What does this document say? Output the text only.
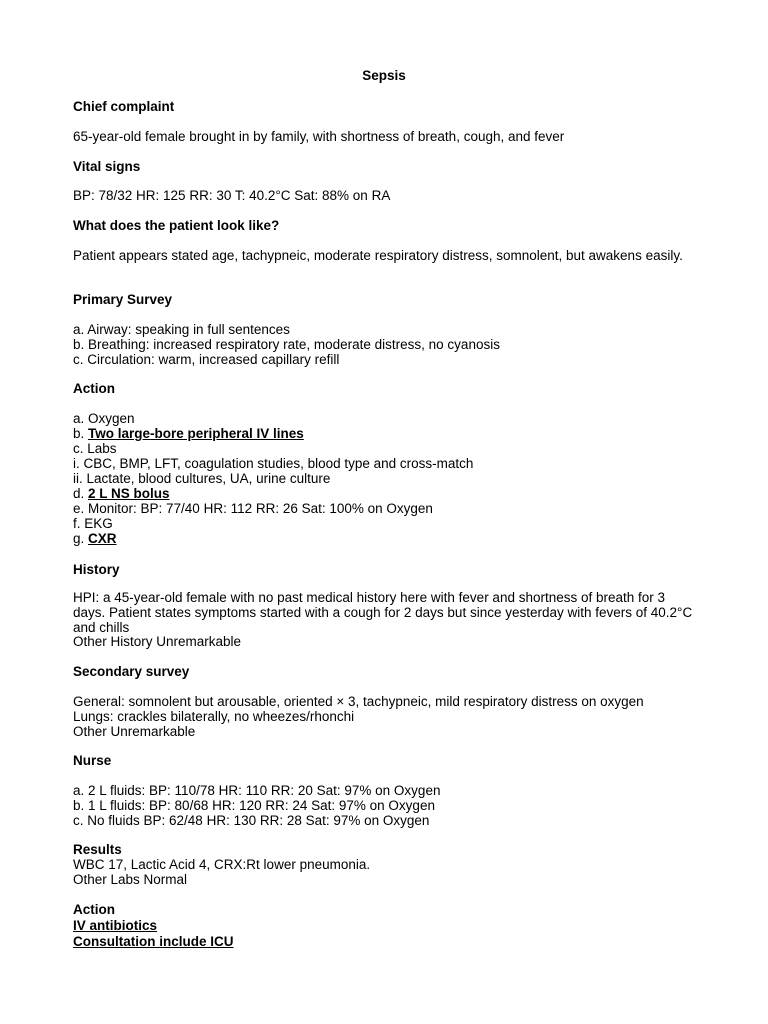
Sepsis
Chief complaint
65-year-old female brought in by family, with shortness of breath, cough, and fever
Vital signs
BP: 78/32 HR: 125 RR: 30 T: 40.2°C Sat: 88% on RA
What does the patient look like?
Patient appears stated age, tachypneic, moderate respiratory distress, somnolent, but awakens easily.
Primary Survey
a. Airway: speaking in full sentences
b. Breathing: increased respiratory rate, moderate distress, no cyanosis
c. Circulation: warm, increased capillary refill
Action
a. Oxygen
b. Two large-bore peripheral IV lines
c. Labs
i. CBC, BMP, LFT, coagulation studies, blood type and cross-match
ii. Lactate, blood cultures, UA, urine culture
d. 2 L NS bolus
e. Monitor: BP: 77/40 HR: 112 RR: 26 Sat: 100% on Oxygen
f. EKG
g. CXR
History
HPI: a 45-year-old female with no past medical history here with fever and shortness of breath for 3 days. Patient states symptoms started with a cough for 2 days but since yesterday with fevers of 40.2°C and chills
Other History Unremarkable
Secondary survey
General: somnolent but arousable, oriented × 3, tachypneic, mild respiratory distress on oxygen
Lungs: crackles bilaterally, no wheezes/rhonchi
Other Unremarkable
Nurse
a. 2 L fluids: BP: 110/78 HR: 110 RR: 20 Sat: 97% on Oxygen
b. 1 L fluids: BP: 80/68 HR: 120 RR: 24 Sat: 97% on Oxygen
c. No fluids BP: 62/48 HR: 130 RR: 28 Sat: 97% on Oxygen
Results
WBC 17, Lactic Acid 4, CRX:Rt lower pneumonia.
Other Labs Normal
Action
IV antibiotics
Consultation include ICU
